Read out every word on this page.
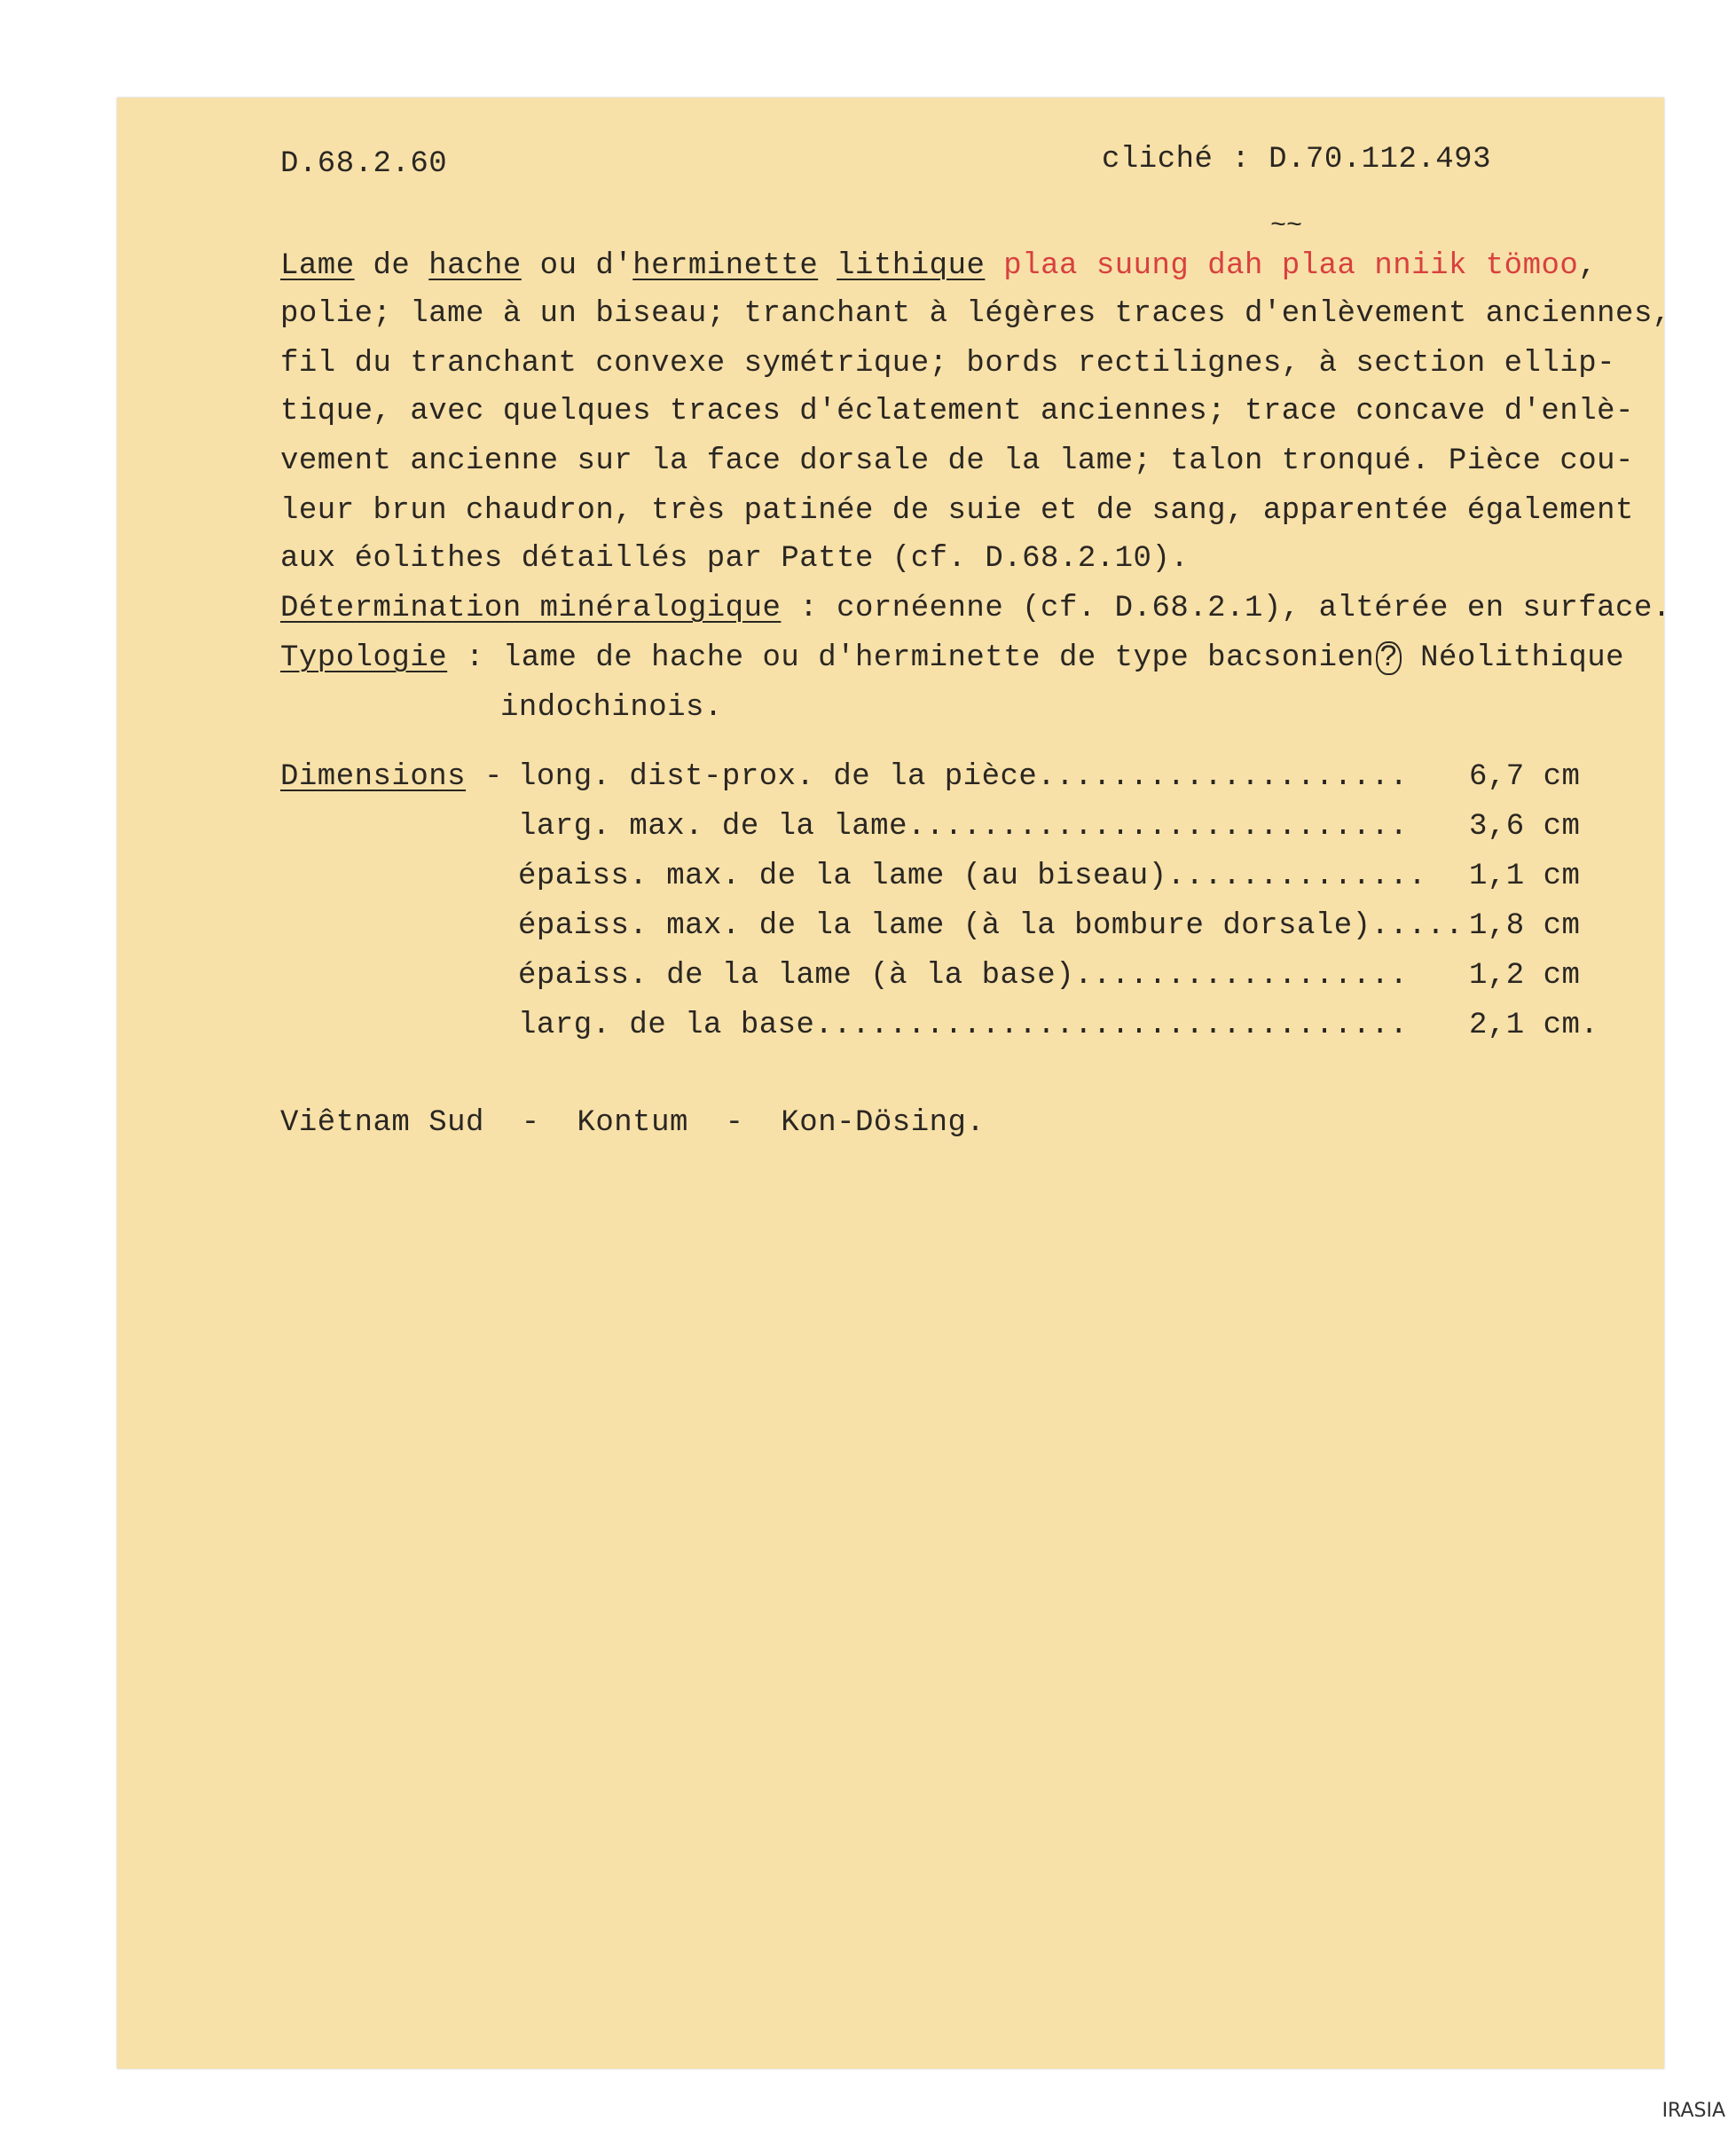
D.68.2.60	cliché : D.70.112.493
~~
Lame de hache ou d'herminette lithique plaa suung dah plaa nniik tömoo,
polie; lame à un biseau; tranchant à légères traces d'enlèvement anciennes,
fil du tranchant convexe symétrique; bords rectilignes, à section ellip-
tique, avec quelques traces d'éclatement anciennes; trace concave d'enlè-
vement ancienne sur la face dorsale de la lame; talon tronqué. Pièce cou-
leur brun chaudron, très patinée de suie et de sang, apparentée également
aux éolithes détaillés par Patte (cf. D.68.2.10).
Détermination minéralogique : cornéenne (cf. D.68.2.1), altérée en surface.
Typologie : lame de hache ou d'herminette de type bacsonien ? Néolithique
indochinois.
Dimensions -
long. dist-prox. de la pièce.................... 6,7 cm
larg. max. de la lame........................... 3,6 cm
épaiss. max. de la lame (au biseau).............. 1,1 cm
épaiss. max. de la lame (à la bombure dorsale)..... 1,8 cm
épaiss. de la lame (à la base).................. 1,2 cm
larg. de la base................................ 2,1 cm.
Viêtnam Sud  -  Kontum  -  Kon-Dösing.
IRASIA
